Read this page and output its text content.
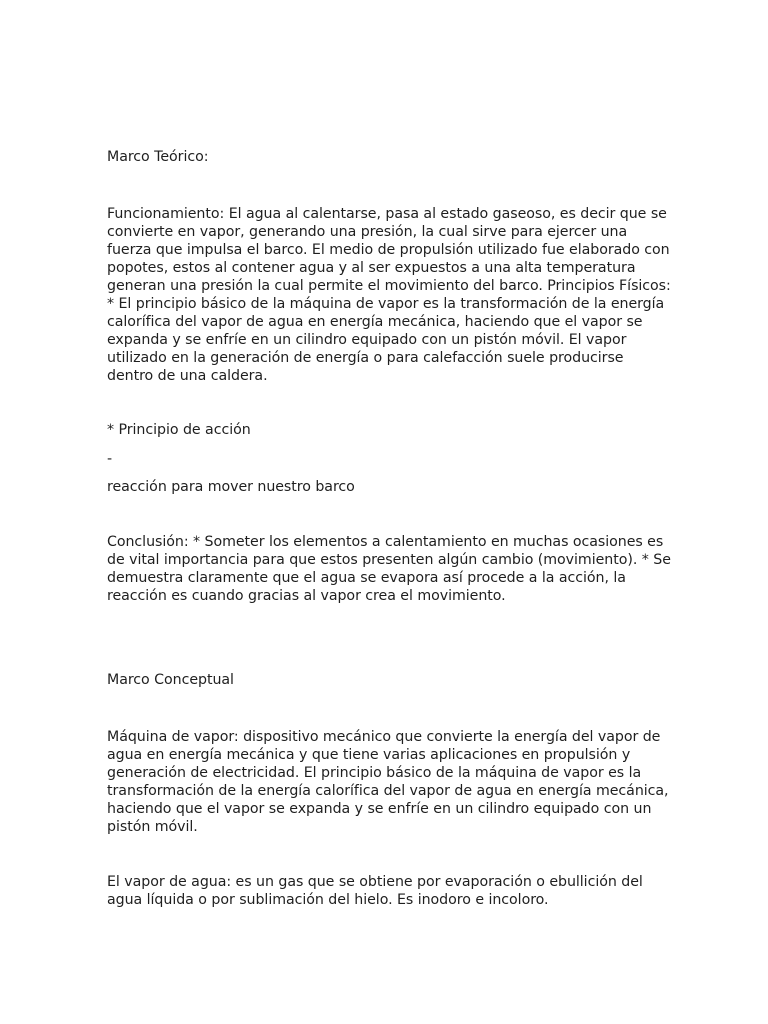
Marco Teórico:

Funcionamiento: El agua al calentarse, pasa al estado gaseoso, es decir que se
convierte en vapor, generando una presión, la cual sirve para ejercer una
fuerza que impulsa el barco. El medio de propulsión utilizado fue elaborado con
popotes, estos al contener agua y al ser expuestos a una alta temperatura
generan una presión la cual permite el movimiento del barco. Principios Físicos:
* El principio básico de la máquina de vapor es la transformación de la energía
calorífica del vapor de agua en energía mecánica, haciendo que el vapor se
expanda y se enfríe en un cilindro equipado con un pistón móvil. El vapor
utilizado en la generación de energía o para calefacción suele producirse
dentro de una caldera.

* Principio de acción

-

reacción para mover nuestro barco

Conclusión: * Someter los elementos a calentamiento en muchas ocasiones es
de vital importancia para que estos presenten algún cambio (movimiento). * Se
demuestra claramente que el agua se evapora así procede a la acción, la
reacción es cuando gracias al vapor crea el movimiento.

Marco Conceptual

Máquina de vapor: dispositivo mecánico que convierte la energía del vapor de
agua en energía mecánica y que tiene varias aplicaciones en propulsión y
generación de electricidad. El principio básico de la máquina de vapor es la
transformación de la energía calorífica del vapor de agua en energía mecánica,
haciendo que el vapor se expanda y se enfríe en un cilindro equipado con un
pistón móvil.

El vapor de agua: es un gas que se obtiene por evaporación o ebullición del
agua líquida o por sublimación del hielo. Es inodoro e incoloro.
